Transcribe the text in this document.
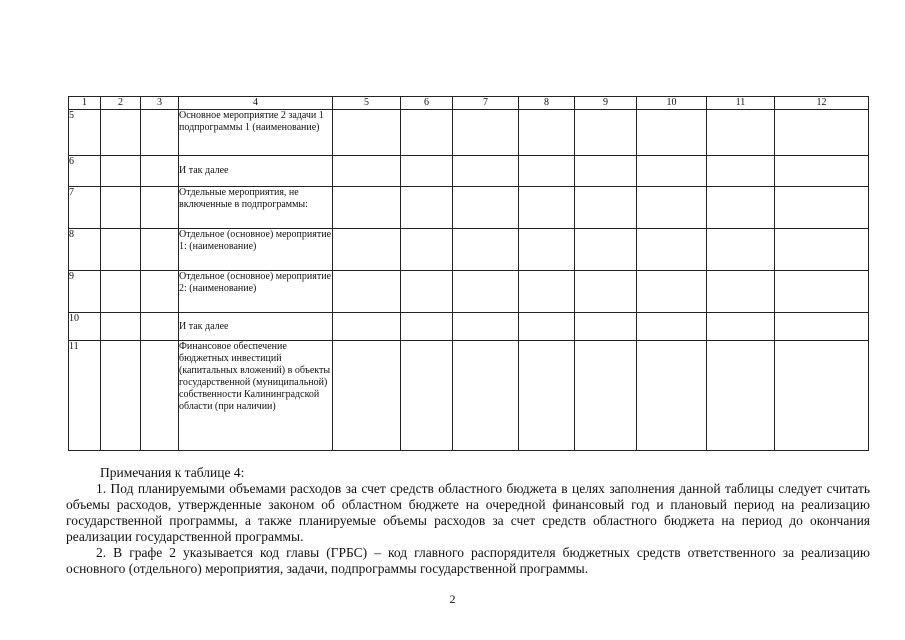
1	2	3	4	5	6	7	8	9	10	11	12
5			Основное мероприятие 2 задачи 1 подпрограммы 1 (наименование)								
6			И так далее								
7			Отдельные мероприятия, не включенные в подпрограммы:								
8			Отдельное (основное) мероприятие 1: (наименование)								
9			Отдельное (основное) мероприятие 2: (наименование)								
10			И так далее								
11			Финансовое обеспечение бюджетных инвестиций (капитальных вложений) в объекты государственной (муниципальной) собственности Калининградской области (при наличии)								

Примечания к таблице 4:

1. Под планируемыми объемами расходов за счет средств областного бюджета в целях заполнения данной таблицы следует считать объемы расходов, утвержденные законом об областном бюджете на очередной финансовый год и плановый период на реализацию государственной программы, а также планируемые объемы расходов за счет средств областного бюджета на период до окончания реализации государственной программы.

2. В графе 2 указывается код главы (ГРБС) – код главного распорядителя бюджетных средств ответственного за реализацию основного (отдельного) мероприятия, задачи, подпрограммы государственной программы.

2
